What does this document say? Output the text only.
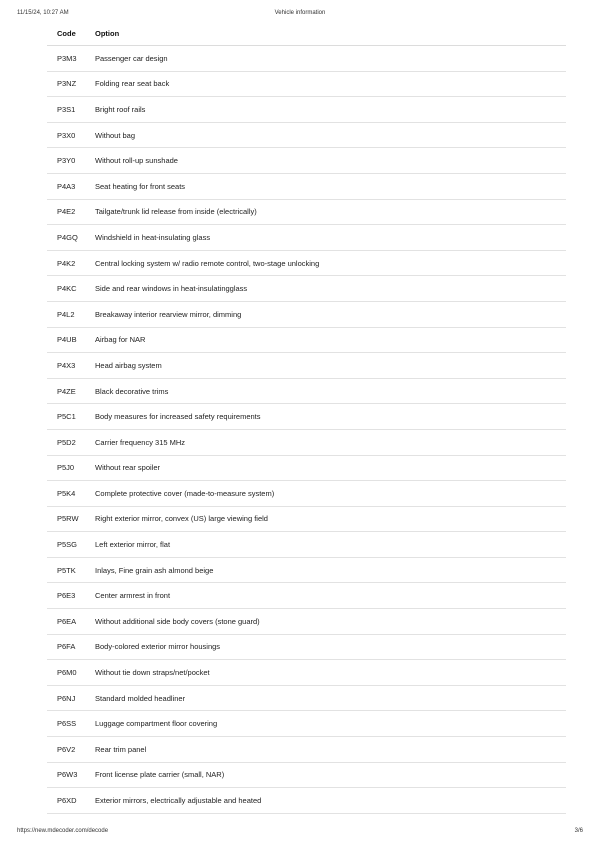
11/15/24, 10:27 AM	Vehicle information
Code	Option
P3M3	Passenger car design
P3NZ	Folding rear seat back
P3S1	Bright roof rails
P3X0	Without bag
P3Y0	Without roll-up sunshade
P4A3	Seat heating for front seats
P4E2	Tailgate/trunk lid release from inside (electrically)
P4GQ	Windshield in heat-insulating glass
P4K2	Central locking system w/ radio remote control, two-stage unlocking
P4KC	Side and rear windows in heat-insulatingglass
P4L2	Breakaway interior rearview mirror, dimming
P4UB	Airbag for NAR
P4X3	Head airbag system
P4ZE	Black decorative trims
P5C1	Body measures for increased safety requirements
P5D2	Carrier frequency 315 MHz
P5J0	Without rear spoiler
P5K4	Complete protective cover (made-to-measure system)
P5RW	Right exterior mirror, convex (US) large viewing field
P5SG	Left exterior mirror, flat
P5TK	Inlays, Fine grain ash almond beige
P6E3	Center armrest in front
P6EA	Without additional side body covers (stone guard)
P6FA	Body-colored exterior mirror housings
P6M0	Without tie down straps/net/pocket
P6NJ	Standard molded headliner
P6SS	Luggage compartment floor covering
P6V2	Rear trim panel
P6W3	Front license plate carrier (small, NAR)
P6XD	Exterior mirrors, electrically adjustable and heated
https://new.mdecoder.com/decode	3/6
